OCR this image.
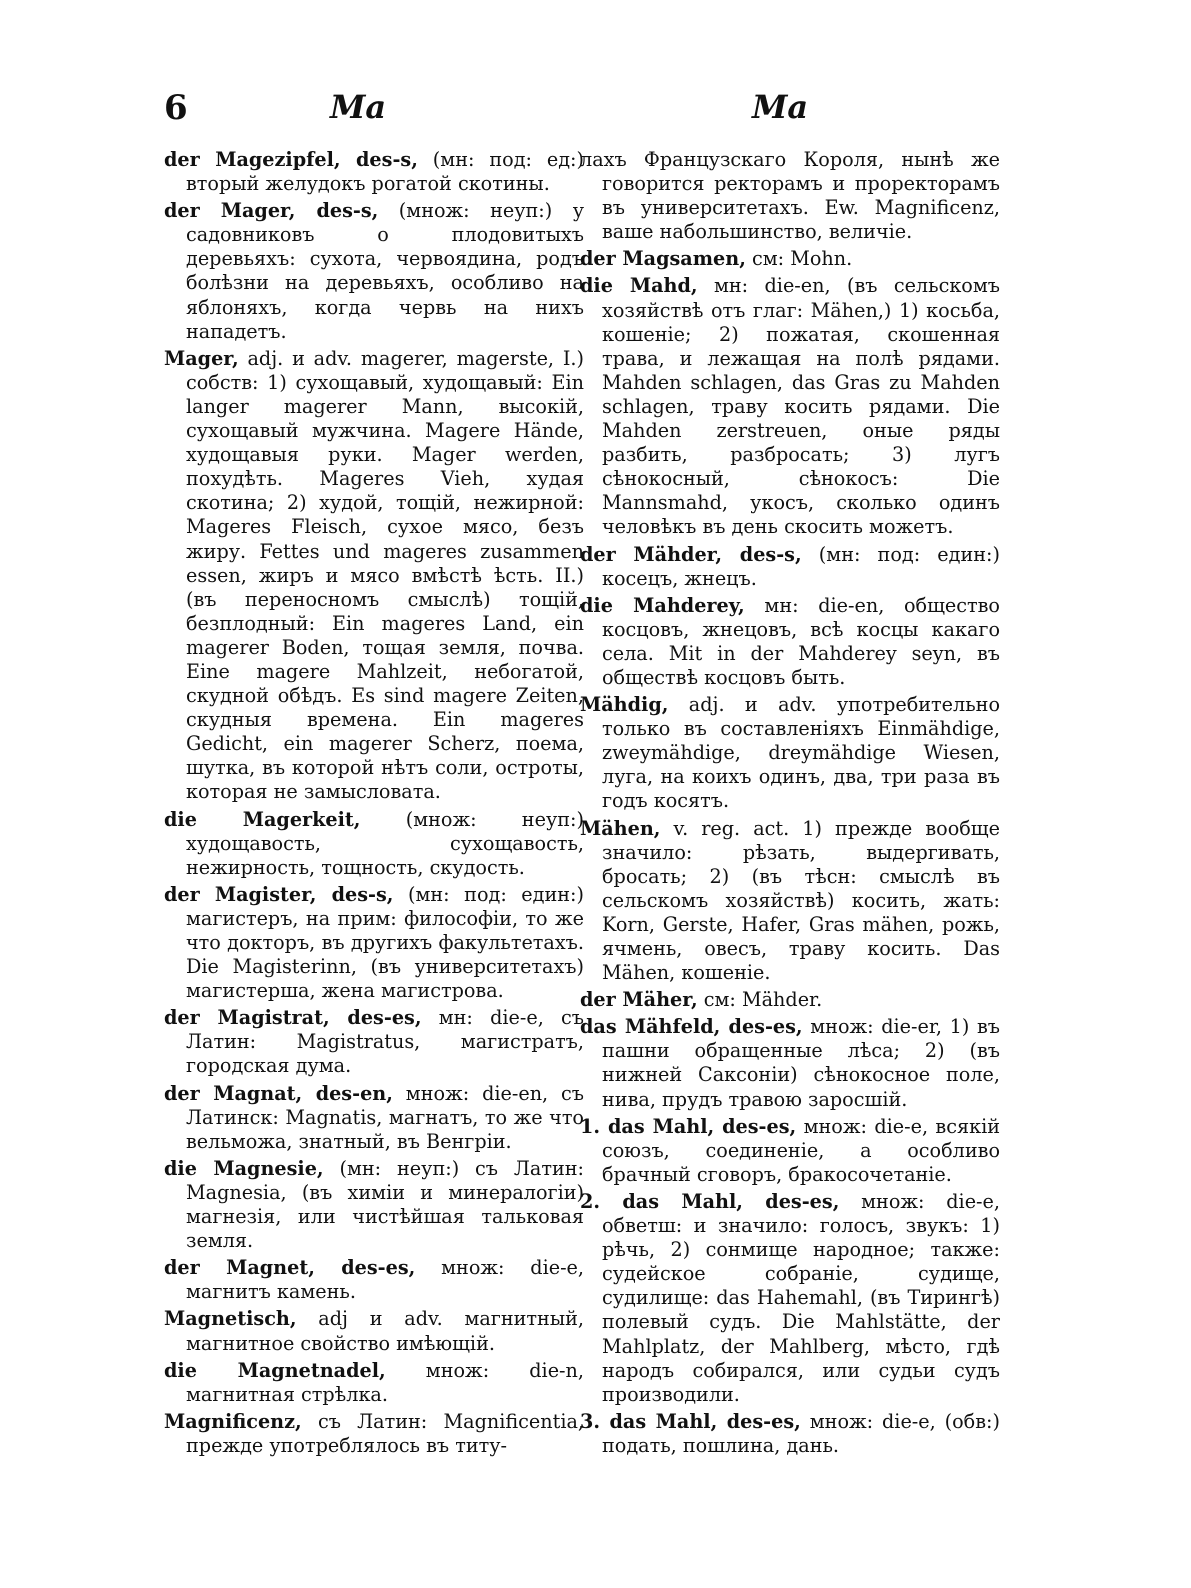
6	Ma	Ma

der Magezipfel, des-s, (мн: под: ед:) вторый желудокъ рогатой скотины.

der Mager, des-s, (множ: неуп:) у садовниковъ о плодовитыхъ деревьяхъ: сухота, червоядина, родъ болѣзни на деревьяхъ, особливо на яблоняхъ, когда червь на нихъ нападетъ.

Mager, adj. и adv. magerer, magerste, I.) собств: 1) сухощавый, худощавый: Ein langer magerer Mann, высокій, сухощавый мужчина. Magere Hände, худощавыя руки. Mager werden, похудѣть. Mageres Vieh, худая скотина; 2) худой, тощій, нежирной: Mageres Fleisch, сухое мясо, безъ жиру. Fettes und mageres zusammen essen, жиръ и мясо вмѣстѣ ѣсть. II.) (въ переносномъ смыслѣ) тощій, безплодный: Ein mageres Land, ein magerer Boden, тощая земля, почва. Eine magere Mahlzeit, небогатой, скудной обѣдъ. Es sind magere Zeiten, скудныя времена. Ein mageres Gedicht, ein magerer Scherz, поема, шутка, въ которой нѣтъ соли, остроты, которая не замысловата.

die Magerkeit, (множ: неуп:) худощавость, сухощавость, нежирность, тощность, скудость.

der Magister, des-s, (мн: под: един:) магистеръ, на прим: философіи, то же что докторъ, въ другихъ факультетахъ. Die Magisterinn, (въ университетахъ) магистерша, жена магистрова.

der Magistrat, des-es, мн: die-e, съ Латин: Magistratus, магистратъ, городская дума.

der Magnat, des-en, множ: die-en, съ Латинск: Magnatis, магнатъ, то же что вельможа, знатный, въ Венгріи.

die Magnesie, (мн: неуп:) съ Латин: Magnesia, (въ химіи и минералогіи) магнезія, или чистѣйшая тальковая земля.

der Magnet, des-es, множ: die-e, магнитъ камень.

Magnetisch, adj и adv. магнитный, магнитное свойство имѣющій.

die Magnetnadel, множ: die-n, магнитная стрѣлка.

Magnificenz, съ Латин: Magnificentia, прежде употреблялось въ титу-

лахъ Французскаго Короля, нынѣ же говорится ректорамъ и проректорамъ въ университетахъ. Ew. Magnificenz, ваше набольшинство, величіе.

der Magsamen, см: Mohn.

die Mahd, мн: die-en, (въ сельскомъ хозяйствѣ отъ глаг: Mähen,) 1) косьба, кошеніе; 2) пожатая, скошенная трава, и лежащая на полѣ рядами. Mahden schlagen, das Gras zu Mahden schlagen, траву косить рядами. Die Mahden zerstreuen, оные ряды разбить, разбросать; 3) лугъ сѣнокосный, сѣнокосъ: Die Mannsmahd, укосъ, сколько одинъ человѣкъ въ день скосить можетъ.

der Mähder, des-s, (мн: под: един:) косецъ, жнецъ.

die Mahderey, мн: die-en, общество косцовъ, жнецовъ, всѣ косцы какаго села. Mit in der Mahderey seyn, въ обществѣ косцовъ быть.

Mähdig, adj. и adv. употребительно только въ составленіяхъ Einmähdige, zweymähdige, dreymähdige Wiesen, луга, на коихъ одинъ, два, три раза въ годъ косятъ.

Mähen, v. reg. act. 1) прежде вообще значило: рѣзать, выдергивать, бросать; 2) (въ тѣсн: смыслѣ въ сельскомъ хозяйствѣ) косить, жать: Korn, Gerste, Hafer, Gras mähen, рожь, ячмень, овесъ, траву косить. Das Mähen, кошеніе.

der Mäher, см: Mähder.

das Mähfeld, des-es, множ: die-er, 1) въ пашни обращенные лѣса; 2) (въ нижней Саксоніи) сѣнокосное поле, нива, прудъ травою заросшій.

1. das Mahl, des-es, множ: die-e, всякій союзъ, соединеніе, а особливо брачный сговоръ, бракосочетаніе.

2. das Mahl, des-es, множ: die-e, обветш: и значило: голосъ, звукъ: 1) рѣчь, 2) сонмище народное; также: судейское собраніе, судище, судилище: das Hahemahl, (въ Тирингѣ) полевый судъ. Die Mahlstätte, der Mahlplatz, der Mahlberg, мѣсто, гдѣ народъ собирался, или судьи судъ производили.

3. das Mahl, des-es, множ: die-e, (обв:) подать, пошлина, дань.
